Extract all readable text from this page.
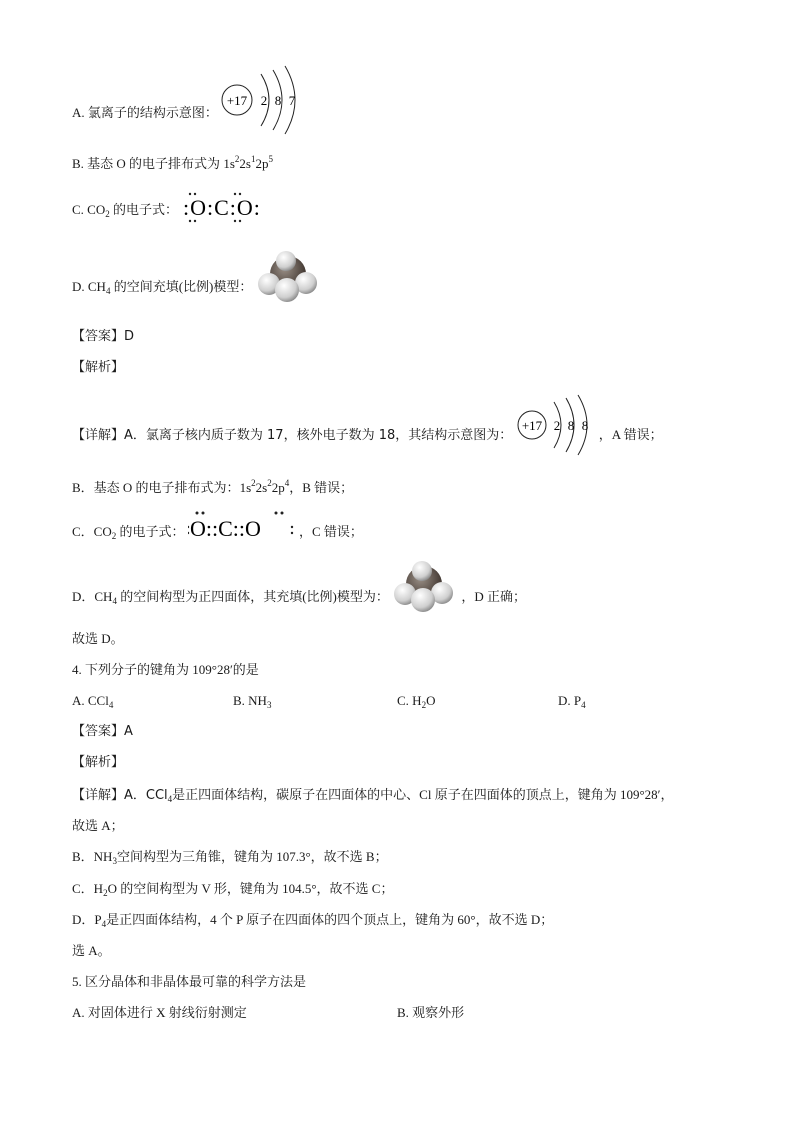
A. 氯离子的结构示意图：
+17 2 8 7
B. 基态 O 的电子排布式为 $1s^22s^12p^5$
C. $CO_2$ 的电子式： :O:C:O:
D. $CH_4$ 的空间充填(比例)模型：
【答案】D
【解析】
【详解】A．氯离子核内质子数为 17，核外电子数为 18，其结构示意图为：
+17 2 8 8
，A 错误；
B．基态 O 的电子排布式为：$1s^22s^22p^4$，B 错误；
C．$CO_2$ 的电子式： O::C::O	，C 错误；
D．$CH_4$ 的空间构型为正四面体，其充填(比例)模型为：	，D 正确；
故选 D。
4. 下列分子的键角为 109°28′的是
A. CCl$_4$	B. $NH_3$	C. $H_2O$	D. $P_4$
【答案】A
【解析】
【详解】A．CCl$_4$是正四面体结构，碳原子在四面体的中心、Cl 原子在四面体的顶点上，键角为 109°28′，
故选 A；
B．$NH_3$空间构型为三角锥，键角为 107.3°，故不选 B；
C．$H_2O$ 的空间构型为 V 形，键角为 104.5°，故不选 C；
D．$P_4$是正四面体结构，4 个 P 原子在四面体的四个顶点上，键角为 60°，故不选 D；
选 A。
5. 区分晶体和非晶体最可靠的科学方法是
A. 对固体进行 X 射线衍射测定	B. 观察外形
